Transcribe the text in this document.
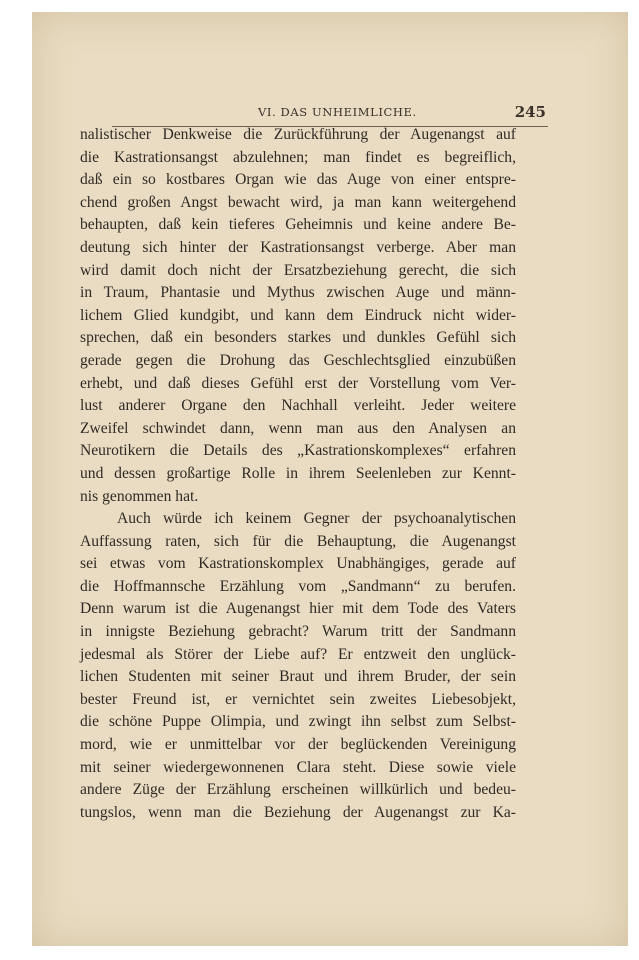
VI. DAS UNHEIMLICHE.	245
nalistischer Denkweise die Zurückführung der Augenangst auf
die Kastrationsangst abzulehnen; man findet es begreiflich,
daß ein so kostbares Organ wie das Auge von einer entspre-
chend großen Angst bewacht wird, ja man kann weitergehend
behaupten, daß kein tieferes Geheimnis und keine andere Be-
deutung sich hinter der Kastrationsangst verberge. Aber man
wird damit doch nicht der Ersatzbeziehung gerecht, die sich
in Traum, Phantasie und Mythus zwischen Auge und männ-
lichem Glied kundgibt, und kann dem Eindruck nicht wider-
sprechen, daß ein besonders starkes und dunkles Gefühl sich
gerade gegen die Drohung das Geschlechtsglied einzubüßen
erhebt, und daß dieses Gefühl erst der Vorstellung vom Ver-
lust anderer Organe den Nachhall verleiht. Jeder weitere
Zweifel schwindet dann, wenn man aus den Analysen an
Neurotikern die Details des „Kastrationskomplexes“ erfahren
und dessen großartige Rolle in ihrem Seelenleben zur Kennt-
nis genommen hat.
Auch würde ich keinem Gegner der psychoanalytischen
Auffassung raten, sich für die Behauptung, die Augenangst
sei etwas vom Kastrationskomplex Unabhängiges, gerade auf
die Hoffmannsche Erzählung vom „Sandmann“ zu berufen.
Denn warum ist die Augenangst hier mit dem Tode des Vaters
in innigste Beziehung gebracht? Warum tritt der Sandmann
jedesmal als Störer der Liebe auf? Er entzweit den unglück-
lichen Studenten mit seiner Braut und ihrem Bruder, der sein
bester Freund ist, er vernichtet sein zweites Liebesobjekt,
die schöne Puppe Olimpia, und zwingt ihn selbst zum Selbst-
mord, wie er unmittelbar vor der beglückenden Vereinigung
mit seiner wiedergewonnenen Clara steht. Diese sowie viele
andere Züge der Erzählung erscheinen willkürlich und bedeu-
tungslos, wenn man die Beziehung der Augenangst zur Ka-
